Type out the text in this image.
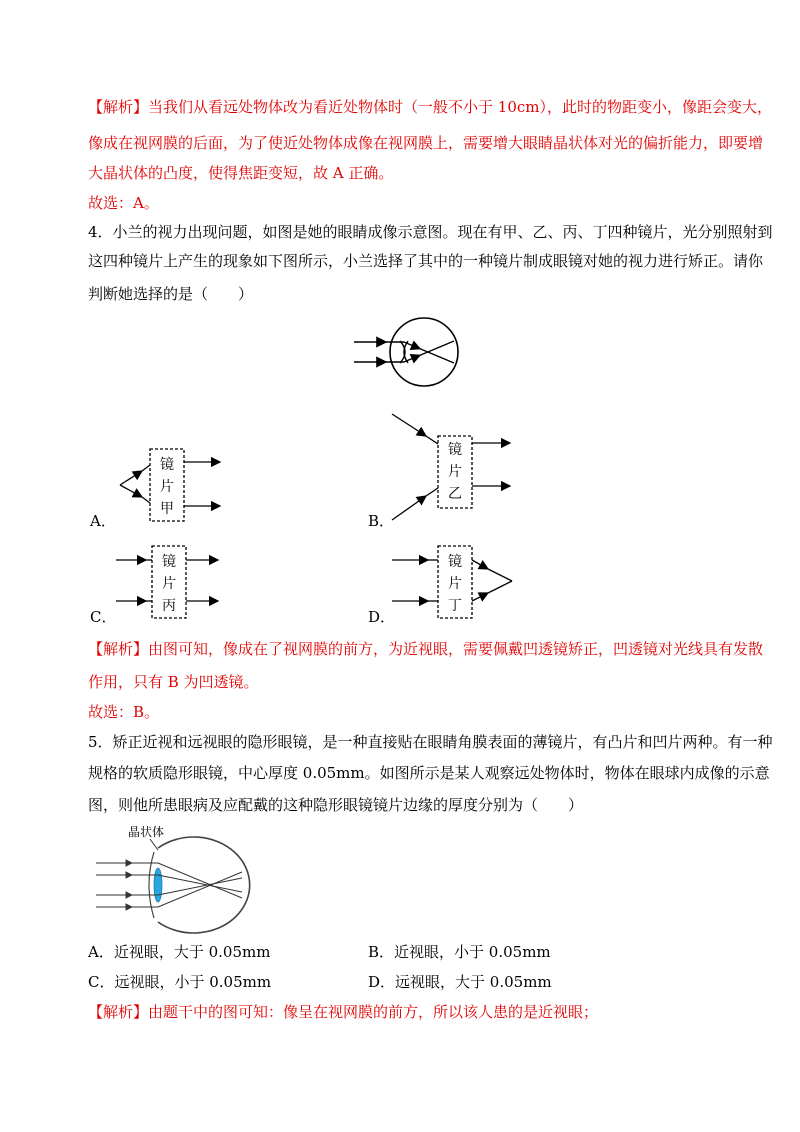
【解析】当我们从看远处物体改为看近处物体时（一般不小于 10cm），此时的物距变小，像距会变大，
像成在视网膜的后面，为了使近处物体成像在视网膜上，需要增大眼睛晶状体对光的偏折能力，即要增
大晶状体的凸度，使得焦距变短，故 A 正确。
故选：A。
4．小兰的视力出现问题，如图是她的眼睛成像示意图。现在有甲、乙、丙、丁四种镜片，光分别照射到
这四种镜片上产生的现象如下图所示，小兰选择了其中的一种镜片制成眼镜对她的视力进行矫正。请你
判断她选择的是（　　）
镜
片
甲
A．
镜
片
乙
B．
镜
片
丙
C．
镜
片
丁
D．
【解析】由图可知，像成在了视网膜的前方，为近视眼，需要佩戴凹透镜矫正，凹透镜对光线具有发散
作用，只有 B 为凹透镜。
故选：B。
5．矫正近视和远视眼的隐形眼镜，是一种直接贴在眼睛角膜表面的薄镜片，有凸片和凹片两种。有一种
规格的软质隐形眼镜，中心厚度 0.05mm。如图所示是某人观察远处物体时，物体在眼球内成像的示意
图，则他所患眼病及应配戴的这种隐形眼镜镜片边缘的厚度分别为（　　）
晶状体
A．近视眼，大于 0.05mm	B．近视眼，小于 0.05mm
C．远视眼，小于 0.05mm	D．远视眼，大于 0.05mm
【解析】由题干中的图可知：像呈在视网膜的前方，所以该人患的是近视眼；
